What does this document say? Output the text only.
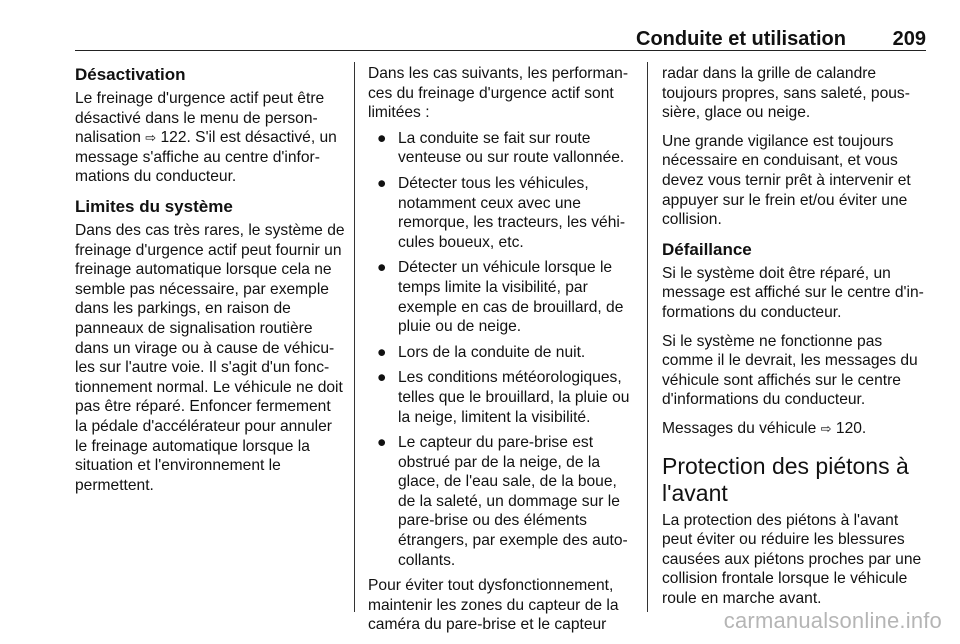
Conduite et utilisation 209
Désactivation

Le freinage d'urgence actif peut être désactivé dans le menu de personnalisation ⇨ 122. S'il est désactivé, un message s'affiche au centre d'informations du conducteur.

Limites du système

Dans des cas très rares, le système de freinage d'urgence actif peut fournir un freinage automatique lorsque cela ne semble pas nécessaire, par exemple dans les parkings, en raison de panneaux de signalisation routière dans un virage ou à cause de véhicules sur l'autre voie. Il s'agit d'un fonctionnement normal. Le véhicule ne doit pas être réparé. Enfoncer fermement la pédale d'accélérateur pour annuler le freinage automatique lorsque la situation et l'environnement le permettent.

Dans les cas suivants, les performances du freinage d'urgence actif sont limitées :

● La conduite se fait sur route venteuse ou sur route vallonnée.
● Détecter tous les véhicules, notamment ceux avec une remorque, les tracteurs, les véhicules boueux, etc.
● Détecter un véhicule lorsque le temps limite la visibilité, par exemple en cas de brouillard, de pluie ou de neige.
● Lors de la conduite de nuit.
● Les conditions météorologiques, telles que le brouillard, la pluie ou la neige, limitent la visibilité.
● Le capteur du pare-brise est obstrué par de la neige, de la glace, de l'eau sale, de la boue, de la saleté, un dommage sur le pare-brise ou des éléments étrangers, par exemple des autocollants.

Pour éviter tout dysfonctionnement, maintenir les zones du capteur de la caméra du pare-brise et le capteur

radar dans la grille de calandre toujours propres, sans saleté, poussière, glace ou neige.

Une grande vigilance est toujours nécessaire en conduisant, et vous devez vous ternir prêt à intervenir et appuyer sur le frein et/ou éviter une collision.

Défaillance

Si le système doit être réparé, un message est affiché sur le centre d'informations du conducteur.

Si le système ne fonctionne pas comme il le devrait, les messages du véhicule sont affichés sur le centre d'informations du conducteur.

Messages du véhicule ⇨ 120.

Protection des piétons à l'avant

La protection des piétons à l'avant peut éviter ou réduire les blessures causées aux piétons proches par une collision frontale lorsque le véhicule roule en marche avant.

carmanualsonline.info
